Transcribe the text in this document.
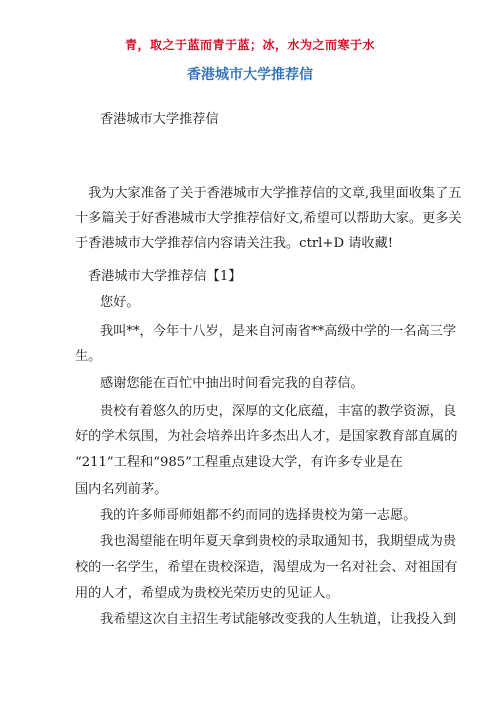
青，取之于蓝而青于蓝；冰，水为之而寒于水
香港城市大学推荐信
香港城市大学推荐信
我为大家准备了关于香港城市大学推荐信的文章,我里面收集了五
十多篇关于好香港城市大学推荐信好文,希望可以帮助大家。更多关
于香港城市大学推荐信内容请关注我。ctrl+D 请收藏!
香港城市大学推荐信【1】
您好。
我叫**，今年十八岁，是来自河南省**高级中学的一名高三学
生。
感谢您能在百忙中抽出时间看完我的自荐信。
贵校有着悠久的历史，深厚的文化底蕴，丰富的教学资源，良
好的学术氛围，为社会培养出许多杰出人才，是国家教育部直属的
“211”工程和“985”工程重点建设大学，有许多专业是在
国内名列前茅。
我的许多师哥师姐都不约而同的选择贵校为第一志愿。
我也渴望能在明年夏天拿到贵校的录取通知书，我期望成为贵
校的一名学生，希望在贵校深造，渴望成为一名对社会、对祖国有
用的人才，希望成为贵校光荣历史的见证人。
我希望这次自主招生考试能够改变我的人生轨道，让我投入到
